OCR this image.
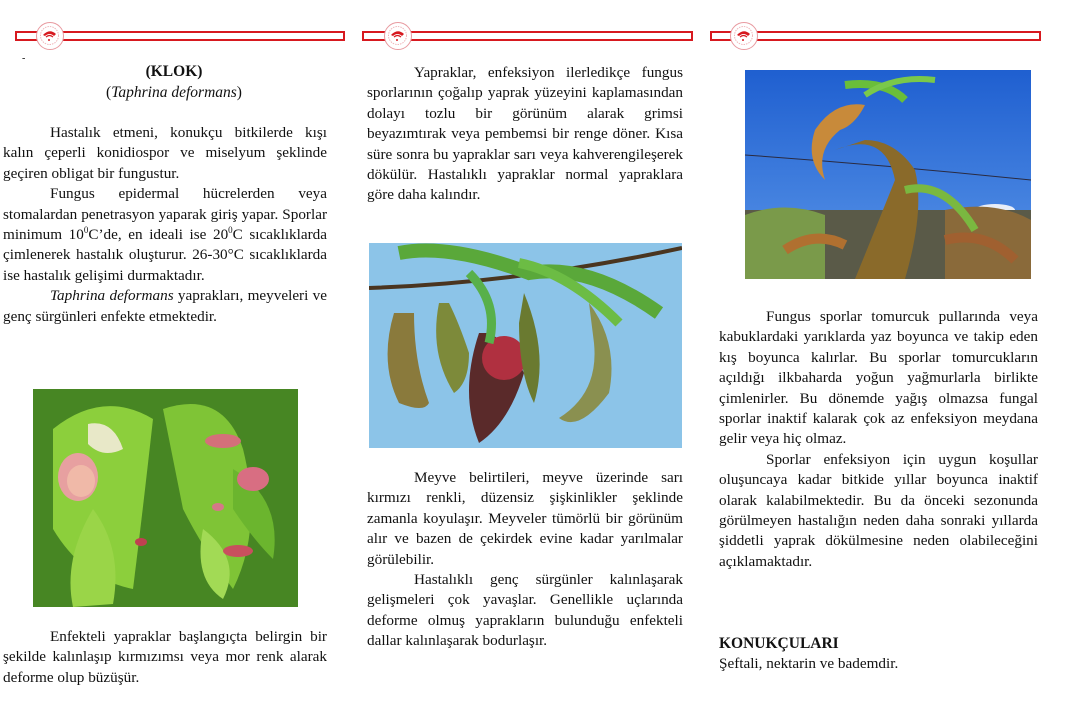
-
(KLOK)
(Taphrina deformans)

Hastalık etmeni, konukçu bitkilerde kışı kalın çeperli konidiospor ve miselyum şeklinde geçiren obligat bir fungustur.

Fungus epidermal hücrelerden veya stomalardan penetrasyon yaparak giriş yapar. Sporlar minimum $10^0C’de$, en ideali ise $20^0C$ sıcaklıklarda çimlenerek hastalık oluşturur. 26-30°C sıcaklıklarda ise hastalık gelişimi durmaktadır.

Taphrina deformans yaprakları, meyveleri ve genç sürgünleri enfekte etmektedir.

Enfekteli yapraklar başlangıçta belirgin bir şekilde kalınlaşıp kırmızımsı veya mor renk alarak deforme olup büzüşür.

Yapraklar, enfeksiyon ilerledikçe fungus sporlarının çoğalıp yaprak yüzeyini kaplamasından dolayı tozlu bir görünüm alarak grimsi beyazımtırak veya pembemsi bir renge döner. Kısa süre sonra bu yapraklar sarı veya kahverengileşerek dökülür. Hastalıklı yapraklar normal yapraklara göre daha kalındır.

Meyve belirtileri, meyve üzerinde sarı kırmızı renkli, düzensiz şişkinlikler şeklinde zamanla koyulaşır. Meyveler tümörlü bir görünüm alır ve bazen de çekirdek evine kadar yarılmalar görülebilir.

Hastalıklı genç sürgünler kalınlaşarak gelişmeleri çok yavaşlar. Genellikle uçlarında deforme olmuş yaprakların bulunduğu enfekteli dallar kalınlaşarak bodurlaşır.

Fungus sporlar tomurcuk pullarında veya kabuklardaki yarıklarda yaz boyunca ve takip eden kış boyunca kalırlar. Bu sporlar tomurcukların açıldığı ilkbaharda yoğun yağmurlarla birlikte çimlenirler. Bu dönemde yağış olmazsa fungal sporlar inaktif kalarak çok az enfeksiyon meydana gelir veya hiç olmaz.

Sporlar enfeksiyon için uygun koşullar oluşuncaya kadar bitkide yıllar boyunca inaktif olarak kalabilmektedir. Bu da önceki sezonunda görülmeyen hastalığın neden daha sonraki yıllarda şiddetli yaprak dökülmesine neden olabileceğini açıklamaktadır.

KONUKÇULARI

Şeftali, nektarin ve bademdir.
